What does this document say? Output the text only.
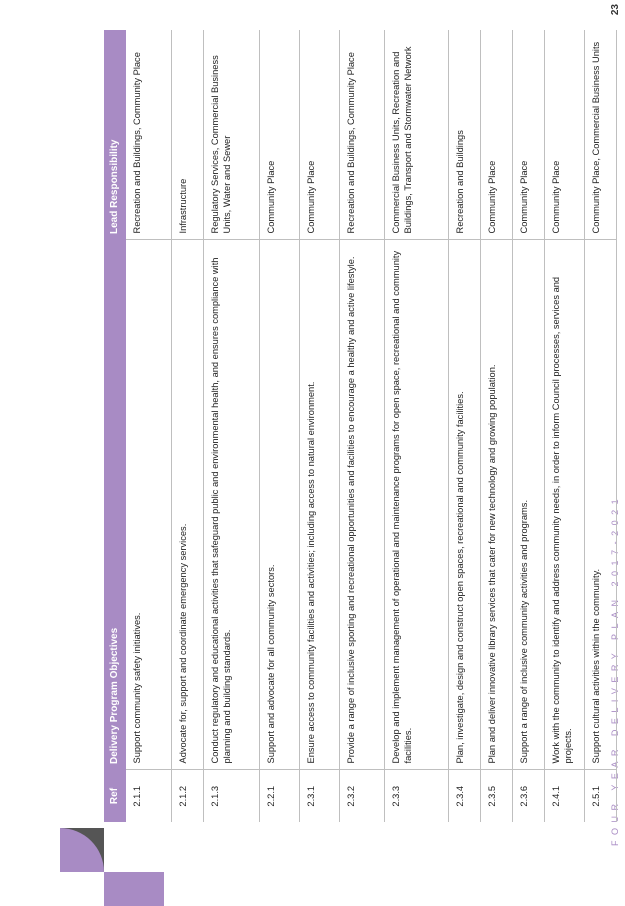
23
FOUR YEAR DELIVERY PLAN 2017-2021
Ref	Delivery Program Objectives	Lead Responsibility
2.1.1	Support community safety initiatives.	Recreation and Buildings, Community Place
2.1.2	Advocate for, support and coordinate emergency services.	Infrastructure
2.1.3	Conduct regulatory and educational activities that safeguard public and environmental health, and ensures compliance with planning and building standards.	Regulatory Services, Commercial Business Units, Water and Sewer
2.2.1	Support and advocate for all community sectors.	Community Place
2.3.1	Ensure access to community facilities and activities; including access to natural environment.	Community Place
2.3.2	Provide a range of inclusive sporting and recreational opportunities and facilities to encourage a healthy and active lifestyle.	Recreation and Buildings, Community Place
2.3.3	Develop and implement management of operational and maintenance programs for open space, recreational and community facilities.	Commercial Business Units, Recreation and Buildings, Transport and Stormwater Network
2.3.4	Plan, investigate, design and construct open spaces, recreational and community facilities.	Recreation and Buildings
2.3.5	Plan and deliver innovative library services that cater for new technology and growing population.	Community Place
2.3.6	Support a range of inclusive community activities and programs.	Community Place
2.4.1	Work with the community to identify and address community needs, in order to inform Council processes, services and projects.	Community Place
2.5.1	Support cultural activities within the community.	Community Place, Commercial Business Units
